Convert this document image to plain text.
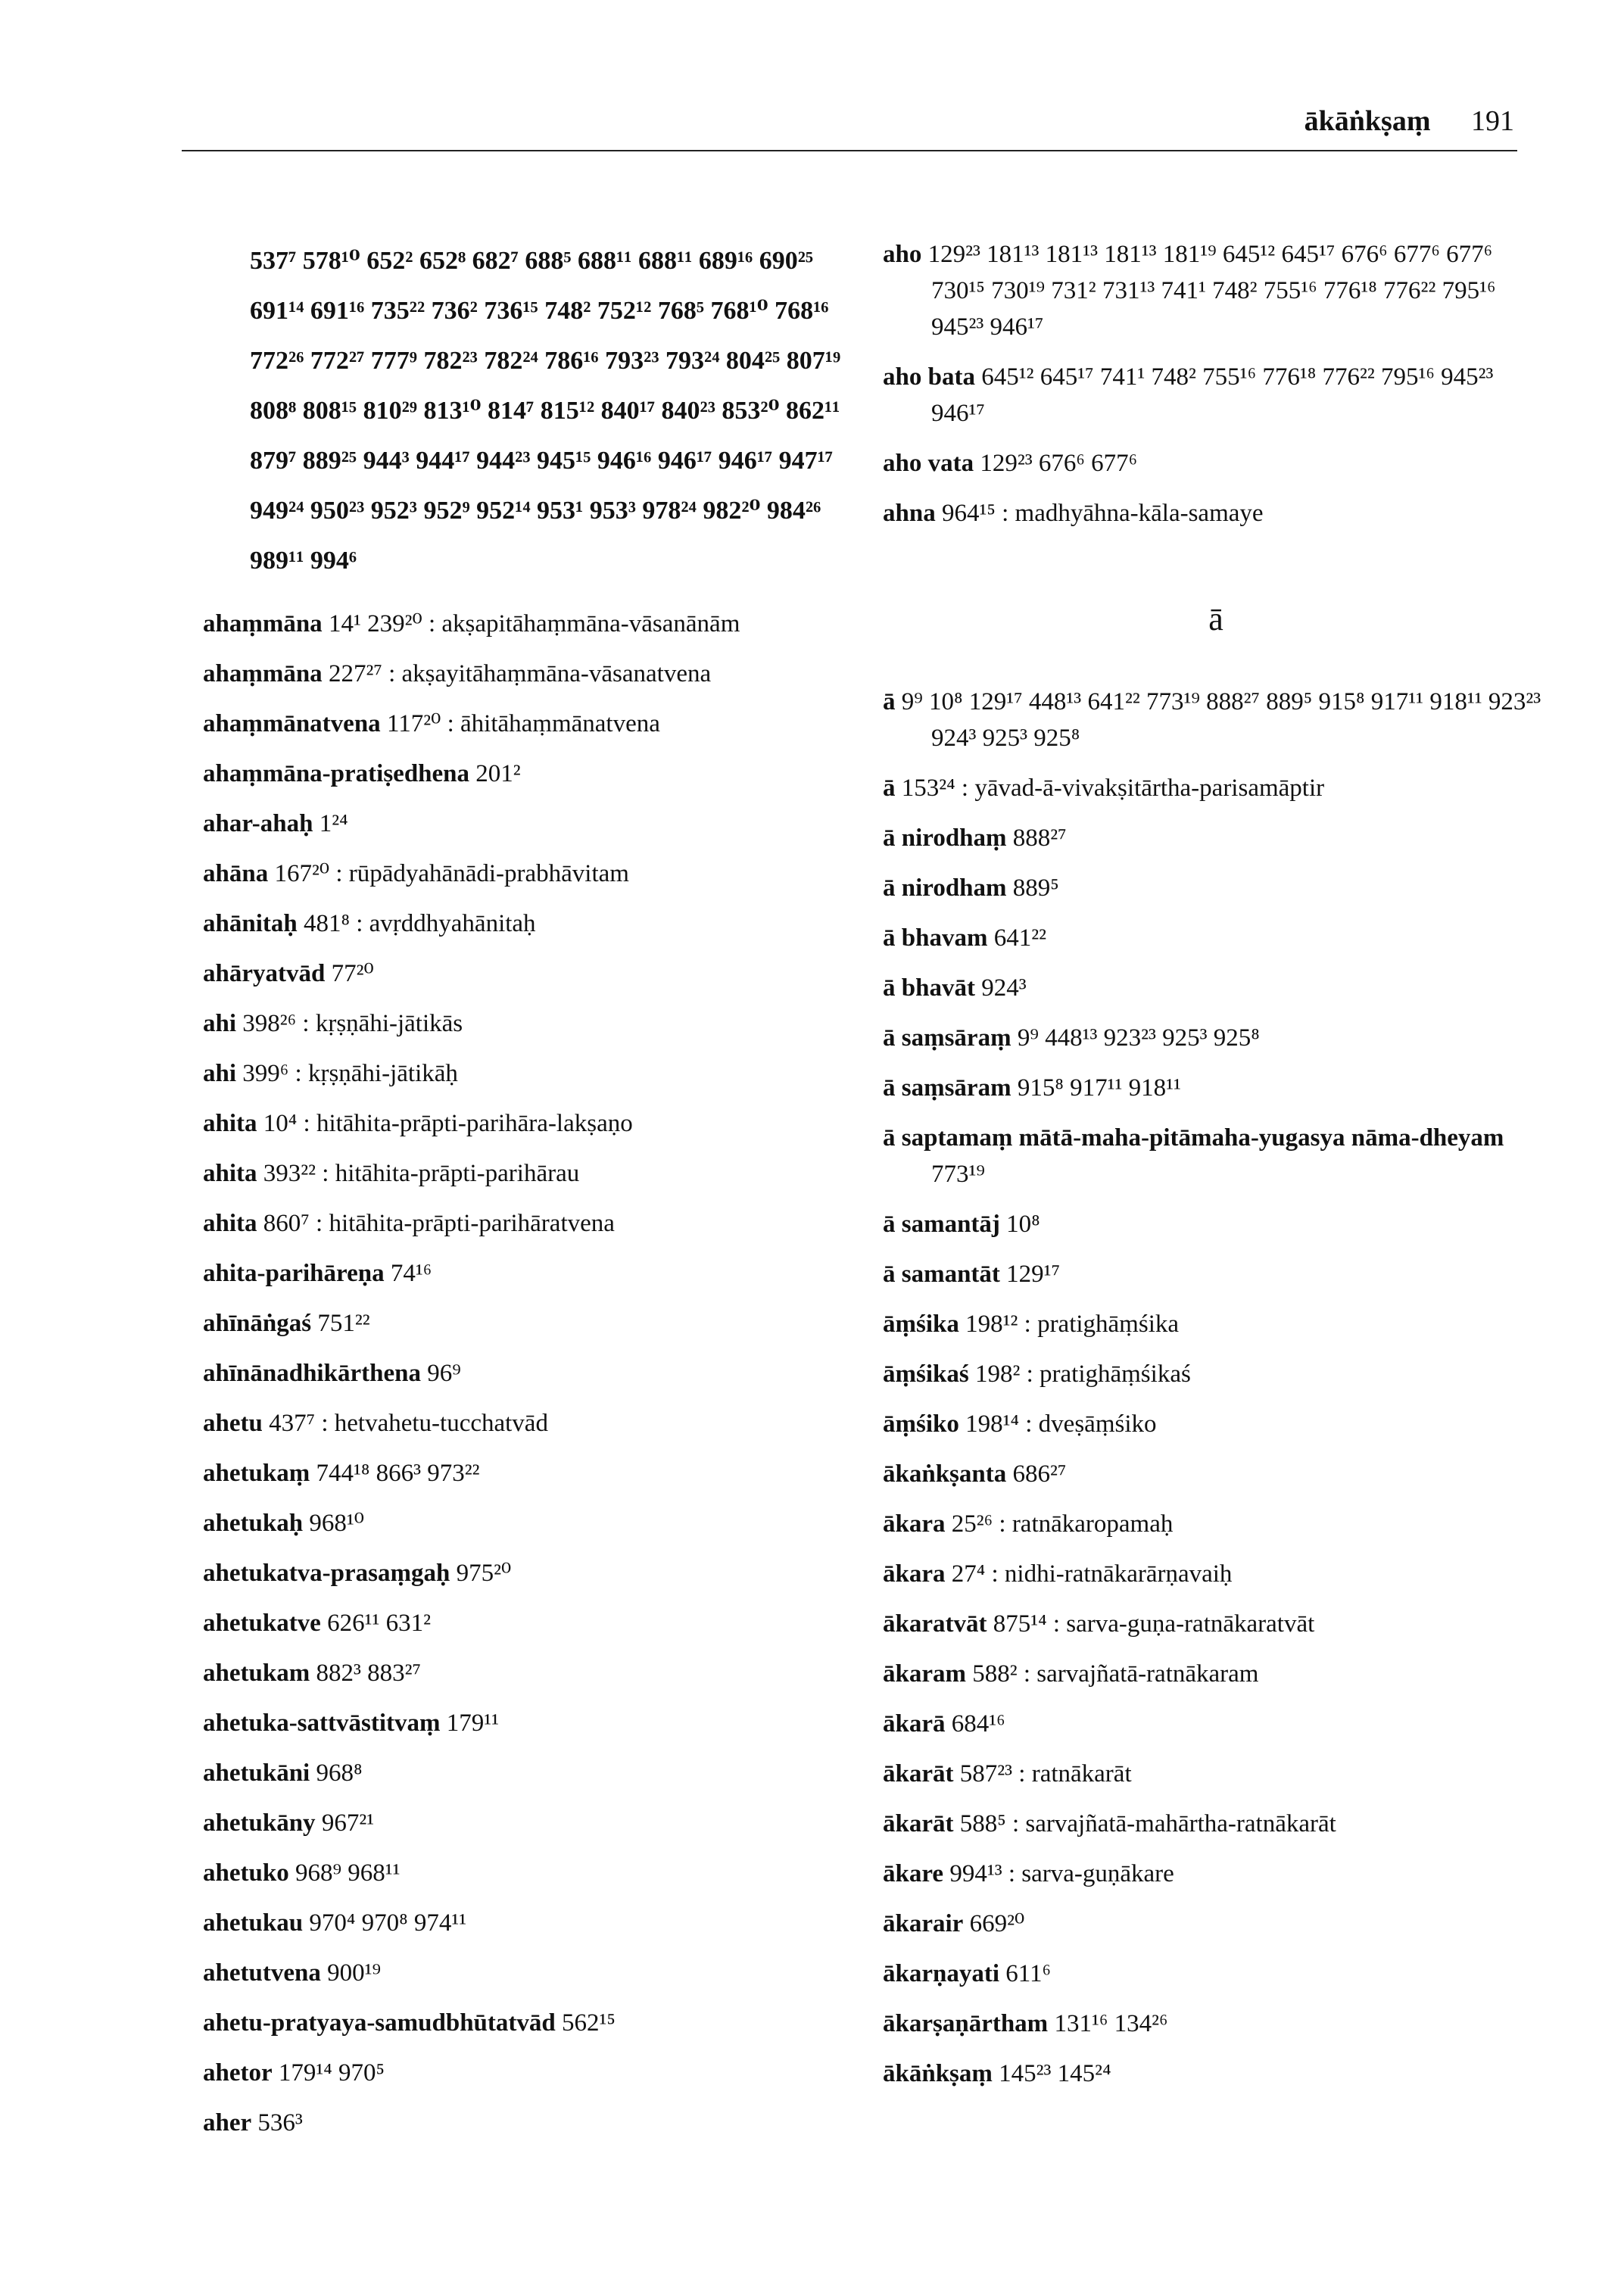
ākāṅkṣaṃ 191
537⁷ 578¹⁰ 652² 652⁸ 682⁷ 688⁵ 688¹¹ 688¹¹ 689¹⁶ 690²⁵ 691¹⁴ 691¹⁶ 735²² 736² 736¹⁵ 748² 752¹² 768⁵ 768¹⁰ 768¹⁶ 772²⁶ 772²⁷ 777⁹ 782²³ 782²⁴ 786¹⁶ 793²³ 793²⁴ 804²⁵ 807¹⁹ 808⁸ 808¹⁵ 810²⁹ 813¹⁰ 814⁷ 815¹² 840¹⁷ 840²³ 853²⁰ 862¹¹ 879⁷ 889²⁵ 944³ 944¹⁷ 944²³ 945¹⁵ 946¹⁶ 946¹⁷ 946¹⁷ 947¹⁷ 949²⁴ 950²³ 952³ 952⁹ 952¹⁴ 953¹ 953³ 978²⁴ 982²⁰ 984²⁶ 989¹¹ 994⁶
ahaṃmāna 14¹ 239²⁰ : akṣapitāhaṃmāna-vāsanānām
ahaṃmāna 227²⁷ : akṣayitāhaṃmāna-vāsanatvena
ahaṃmānatvena 117²⁰ : āhitāhaṃmānatvena
ahaṃmāna-pratiṣedhena 201²
ahar-ahaḥ 1²⁴
ahāna 167²⁰ : rūpādyahānādi-prabhāvitam
ahānitaḥ 481⁸ : avṛddhyahānitaḥ
ahāryatvād 77²⁰
ahi 398²⁶ : kṛṣṇāhi-jātikās
ahi 399⁶ : kṛṣṇāhi-jātikāḥ
ahita 10⁴ : hitāhita-prāpti-parihāra-lakṣaṇo
ahita 393²² : hitāhita-prāpti-parihārau
ahita 860⁷ : hitāhita-prāpti-parihāratvena
ahita-parihāreṇa 74¹⁶
ahīnāṅgaś 751²²
ahīnānadhikārthena 96⁹
ahetu 437⁷ : hetvahetu-tucchatvād
ahetukaṃ 744¹⁸ 866³ 973²²
ahetukaḥ 968¹⁰
ahetukatva-prasaṃgaḥ 975²⁰
ahetukatve 626¹¹ 631²
ahetukam 882³ 883²⁷
ahetuka-sattvāstitvaṃ 179¹¹
ahetukāni 968⁸
ahetukāny 967²¹
ahetuko 968⁹ 968¹¹
ahetukau 970⁴ 970⁸ 974¹¹
ahetutvena 900¹⁹
ahetu-pratyaya-samudbhūtatvād 562¹⁵
ahetor 179¹⁴ 970⁵
aher 536³
aho 129²³ 181¹³ 181¹³ 181¹³ 181¹⁹ 645¹² 645¹⁷ 676⁶ 677⁶ 677⁶ 730¹⁵ 730¹⁹ 731² 731¹³ 741¹ 748² 755¹⁶ 776¹⁸ 776²² 795¹⁶ 945²³ 946¹⁷
aho bata 645¹² 645¹⁷ 741¹ 748² 755¹⁶ 776¹⁸ 776²² 795¹⁶ 945²³ 946¹⁷
aho vata 129²³ 676⁶ 677⁶
ahna 964¹⁵ : madhyāhna-kāla-samaye
ā
ā 9⁹ 10⁸ 129¹⁷ 448¹³ 641²² 773¹⁹ 888²⁷ 889⁵ 915⁸ 917¹¹ 918¹¹ 923²³ 924³ 925³ 925⁸
ā 153²⁴ : yāvad-ā-vivakṣitārtha-parisamāptir
ā nirodhaṃ 888²⁷
ā nirodham 889⁵
ā bhavam 641²²
ā bhavāt 924³
ā saṃsāraṃ 9⁹ 448¹³ 923²³ 925³ 925⁸
ā saṃsāram 915⁸ 917¹¹ 918¹¹
ā saptamaṃ mātā-maha-pitāmaha-yugasya nāma-dheyam 773¹⁹
ā samantāj 10⁸
ā samantāt 129¹⁷
āṃśika 198¹² : pratighāṃśika
āṃśikaś 198² : pratighāṃśikaś
āṃśiko 198¹⁴ : dveṣāṃśiko
ākaṅkṣanta 686²⁷
ākara 25²⁶ : ratnākaropamaḥ
ākara 27⁴ : nidhi-ratnākarārṇavaiḥ
ākaratvāt 875¹⁴ : sarva-guṇa-ratnākaratvāt
ākaram 588² : sarvajñatā-ratnākaram
ākarā 684¹⁶
ākarāt 587²³ : ratnākarāt
ākarāt 588⁵ : sarvajñatā-mahārtha-ratnākarāt
ākare 994¹³ : sarva-guṇākare
ākarair 669²⁰
ākarṇayati 611⁶
ākarṣaṇārtham 131¹⁶ 134²⁶
ākāṅkṣaṃ 145²³ 145²⁴
